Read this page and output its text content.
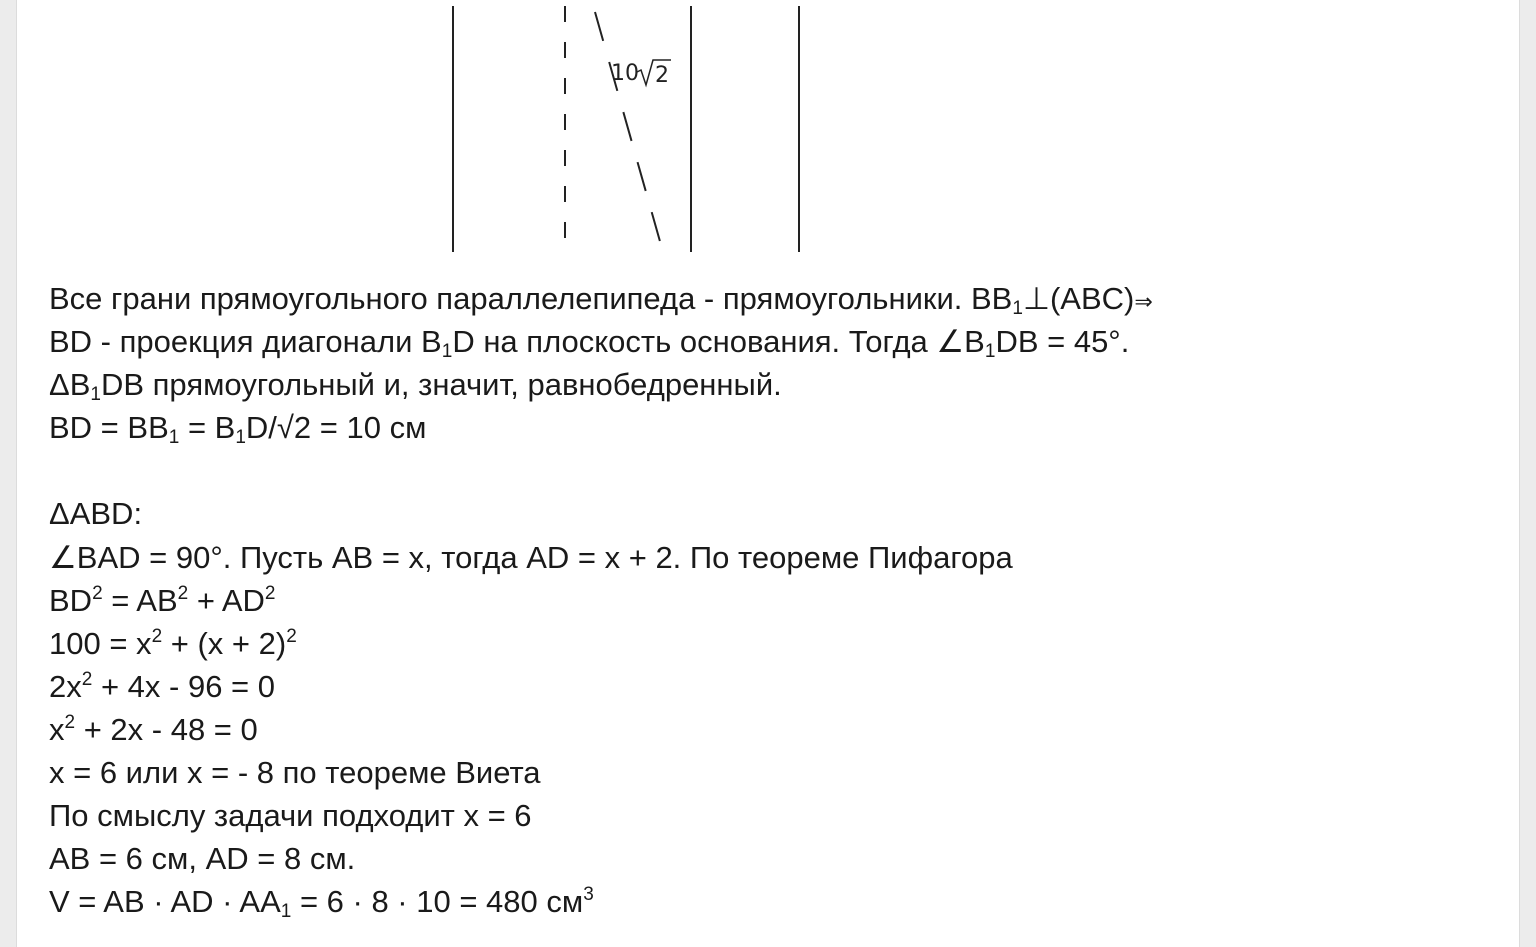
10 2
Все грани прямоугольного параллелепипеда - прямоугольники. $BB_1\perp(ABC)\Rightarrow$
BD - проекция диагонали $B_1D$ на плоскость основания. Тогда $\angle B_1DB = 45^\circ$.
$\Delta B_1DB$ прямоугольный и, значит, равнобедренный.
BD = $BB_1 = B_1D/√2 = 10$ см
ΔABD:
∠BAD = 90°. Пусть AB = x, тогда AD = x + 2. По теореме Пифагора
$BD^2 = AB^2 + AD^2$
$100 = x^2 + (x + 2)^2$
$2x^2 + 4x - 96 = 0$
$x^2 + 2x - 48 = 0$
x = 6 или x = - 8 по теореме Виета
По смыслу задачи подходит x = 6
AB = 6 см, AD = 8 см.
V = AB · AD · $AA_1 = 6 \cdot 8 \cdot 10 = 480$ $см^3$
